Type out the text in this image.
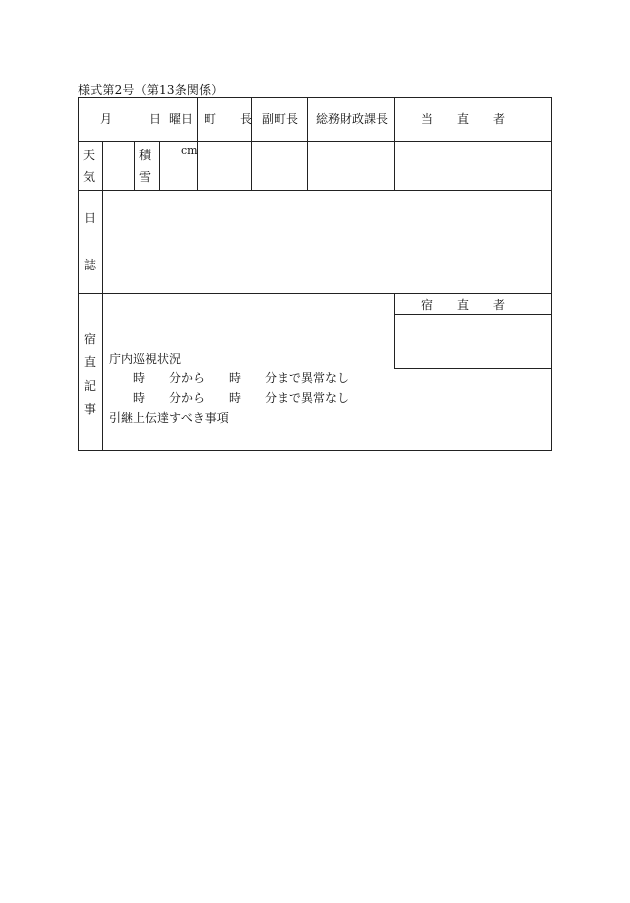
様式第2号（第13条関係）
月	日 曜日 町　　長 副町長 総務財政課長	当　　直　　者
天
気
積
雪
cm
日
誌
宿
直
記
事
宿　　直　　者
庁内巡視状況
　時　　分から　　時　　分まで異常なし
　時　　分から　　時　　分まで異常なし
引継上伝達すべき事項
